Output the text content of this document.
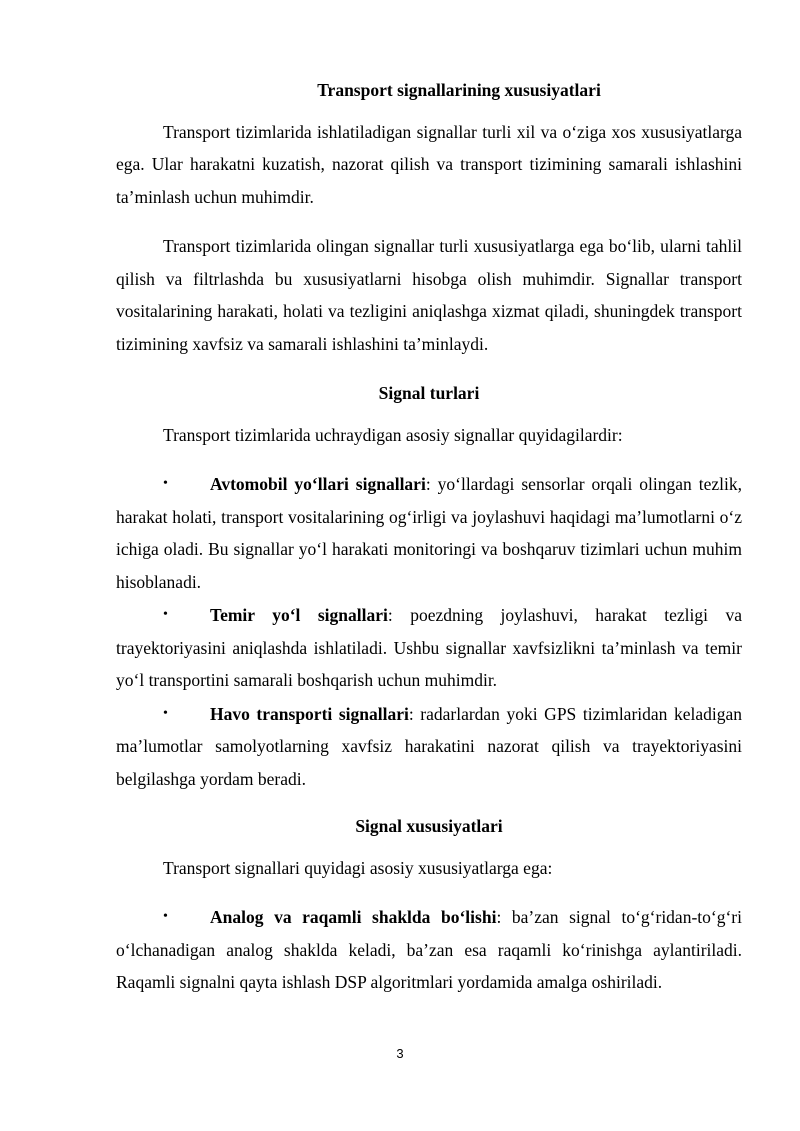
Transport signallarining xususiyatlari

Transport tizimlarida ishlatiladigan signallar turli xil va o‘ziga xos xususiyatlarga ega. Ular harakatni kuzatish, nazorat qilish va transport tizimining samarali ishlashini ta’minlash uchun muhimdir.

Transport tizimlarida olingan signallar turli xususiyatlarga ega bo‘lib, ularni tahlil qilish va filtrlashda bu xususiyatlarni hisobga olish muhimdir. Signallar transport vositalarining harakati, holati va tezligini aniqlashga xizmat qiladi, shuningdek transport tizimining xavfsiz va samarali ishlashini ta’minlaydi.

Signal turlari

Transport tizimlarida uchraydigan asosiy signallar quyidagilardir:

• Avtomobil yo‘llari signallari: yo‘llardagi sensorlar orqali olingan tezlik, harakat holati, transport vositalarining og‘irligi va joylashuvi haqidagi ma’lumotlarni o‘z ichiga oladi. Bu signallar yo‘l harakati monitoringi va boshqaruv tizimlari uchun muhim hisoblanadi.
• Temir yo‘l signallari: poezdning joylashuvi, harakat tezligi va trayektoriyasini aniqlashda ishlatiladi. Ushbu signallar xavfsizlikni ta’minlash va temir yo‘l transportini samarali boshqarish uchun muhimdir.
• Havo transporti signallari: radarlardan yoki GPS tizimlaridan keladigan ma’lumotlar samolyotlarning xavfsiz harakatini nazorat qilish va trayektoriyasini belgilashga yordam beradi.
Signal xususiyatlari

Transport signallari quyidagi asosiy xususiyatlarga ega:

• Analog va raqamli shaklda bo‘lishi: ba’zan signal to‘g‘ridan-to‘g‘ri o‘lchanadigan analog shaklda keladi, ba’zan esa raqamli ko‘rinishga aylantiriladi. Raqamli signalni qayta ishlash DSP algoritmlari yordamida amalga oshiriladi.
3
